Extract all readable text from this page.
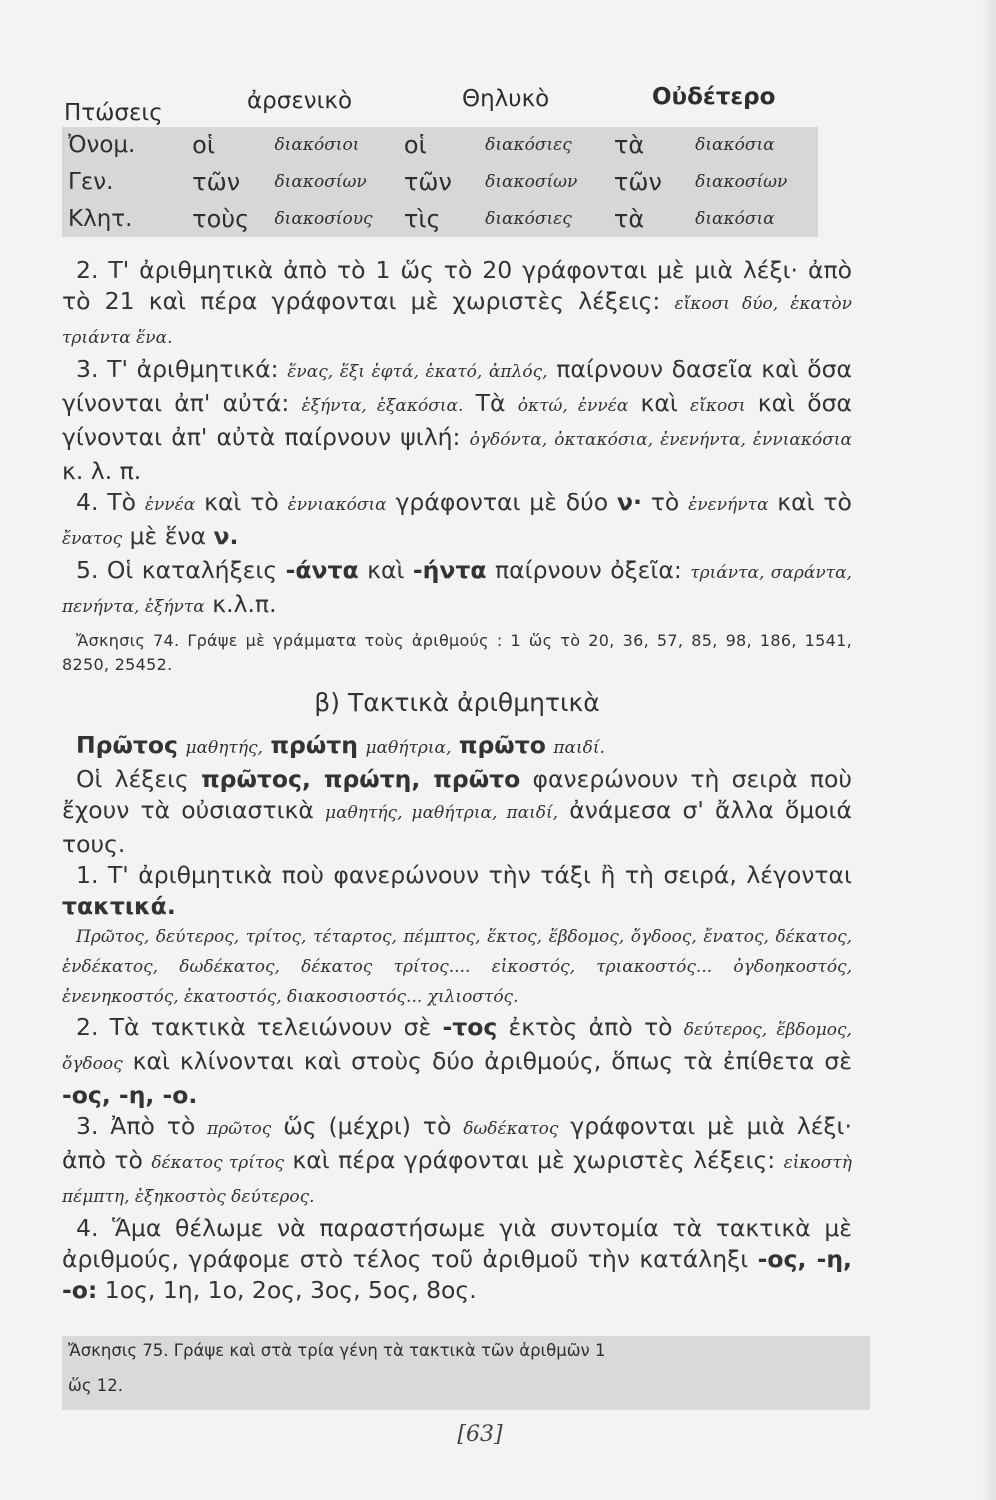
Πτώσεις	ἀρσενικὸ	Θηλυκὸ	Οὐδέτερο
Ὀνομ.	οἱ	διακόσιοι	οἱ	διακόσιες	τὰ	διακόσια
Γεν.	τῶν	διακοσίων	τῶν	διακοσίων	τῶν	διακοσίων
Κλητ.	τοὺς	διακοσίους	τὶς	διακόσιες	τὰ	διακόσια

2. Τ' ἀριθμητικὰ ἀπὸ τὸ 1 ὥς τὸ 20 γράφονται μὲ μιὰ λέξι· ἀπὸ τὸ 21 καὶ πέρα γράφονται μὲ χωριστὲς λέξεις: εἴκοσι δύο, ἑκατὸν τριάντα ἕνα.

3. Τ' ἀριθμητικά: ἕνας, ἕξι ἑφτά, ἑκατό, ἁπλός, παίρνουν δασεῖα καὶ ὅσα γίνονται ἀπ' αὐτά: ἑξήντα, ἑξακόσια. Τὰ ὀκτώ, ἐννέα καὶ εἴκοσι καὶ ὅσα γίνονται ἀπ' αὐτὰ παίρνουν ψιλή: ὀγδόντα, ὀκτακόσια, ἐνενήντα, ἐννιακόσια κ. λ. π.

4. Τὸ ἐννέα καὶ τὸ ἐννιακόσια γράφονται μὲ δύο ν· τὸ ἐνενήντα καὶ τὸ ἔνατος μὲ ἕνα ν.

5. Οἱ καταλήξεις -άντα καὶ -ήντα παίρνουν ὀξεῖα: τριάντα, σαράντα, πενήντα, ἑξήντα κ.λ.π.

Ἄσκησις 74. Γράψε μὲ γράμματα τοὺς ἀριθμούς : 1 ὥς τὸ 20, 36, 57, 85, 98, 186, 1541, 8250, 25452.

β) Τακτικὰ ἀριθμητικὰ

Πρῶτος μαθητής, πρώτη μαθήτρια, πρῶτο παιδί.

Οἱ λέξεις πρῶτος, πρώτη, πρῶτο φανερώνουν τὴ σειρὰ ποὺ ἔχουν τὰ οὐσιαστικὰ μαθητής, μαθήτρια, παιδί, ἀνάμεσα σ' ἄλλα ὅμοιά τους.

1. Τ' ἀριθμητικὰ ποὺ φανερώνουν τὴν τάξι ἢ τὴ σειρά, λέγονται τακτικά.

Πρῶτος, δεύτερος, τρίτος, τέταρτος, πέμπτος, ἕκτος, ἕβδομος, ὄγδοος, ἔνατος, δέκατος, ἑνδέκατος, δωδέκατος, δέκατος τρίτος.... εἰκοστός, τριακοστός... ὀγδοηκοστός, ἐνενηκοστός, ἑκατοστός, διακοσιοστός... χιλιοστός.

2. Τὰ τακτικὰ τελειώνουν σὲ -τος ἐκτὸς ἀπὸ τὸ δεύτερος, ἕβδομος, ὄγδοος καὶ κλίνονται καὶ στοὺς δύο ἀριθμούς, ὅπως τὰ ἐπίθετα σὲ -ος, -η, -ο.

3. Ἀπὸ τὸ πρῶτος ὥς (μέχρι) τὸ δωδέκατος γράφονται μὲ μιὰ λέξι· ἀπὸ τὸ δέκατος τρίτος καὶ πέρα γράφονται μὲ χωριστὲς λέξεις: εἰκοστὴ πέμπτη, ἑξηκοστὸς δεύτερος.

4. Ἅμα θέλωμε νὰ παραστήσωμε γιὰ συντομία τὰ τακτικὰ μὲ ἀριθμούς, γράφομε στὸ τέλος τοῦ ἀριθμοῦ τὴν κατάληξι -ος, -η, -ο: 1ος, 1η, 1ο, 2ος, 3ος, 5ος, 8ος.

Ἄσκησις 75. Γράψε καὶ στὰ τρία γένη τὰ τακτικὰ τῶν ἀριθμῶν 1
ὥς 12.
[63]
